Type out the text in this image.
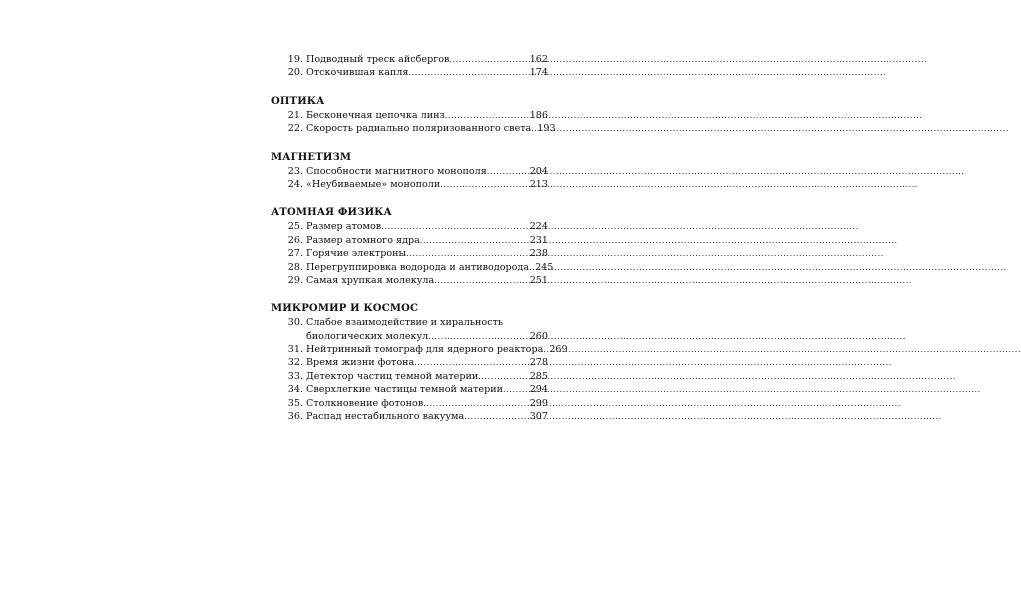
19. Подводный треск айсбергов .....	162
20. Отскочившая капля .....	174
ОПТИКА
21. Бесконечная цепочка линз .....	186
22. Скорость радиально поляризованного света ..... 193
МАГНЕТИЗМ
23. Способности магнитного монополя .....	204
24. «Неубиваемые» монополи .....	213
АТОМНАЯ ФИЗИКА
25. Размер атомов .....	224
26. Размер атомного ядра .....	231
27. Горячие электроны .....	238
28. Перегруппировка водорода и антиводорода ..... 245
29. Самая хрупкая молекула .....	251
МИКРОМИР И КОСМОС
30. Слабое взаимодействие и хиральность
биологических молекул .....	260
31. Нейтринный томограф для ядерного реактора ..... 269
32. Время жизни фотона .....	278
33. Детектор частиц темной материи .....	285
34. Сверхлегкие частицы темной материи .....	294
35. Столкновение фотонов .....	299
36. Распад нестабильного вакуума .....	307
